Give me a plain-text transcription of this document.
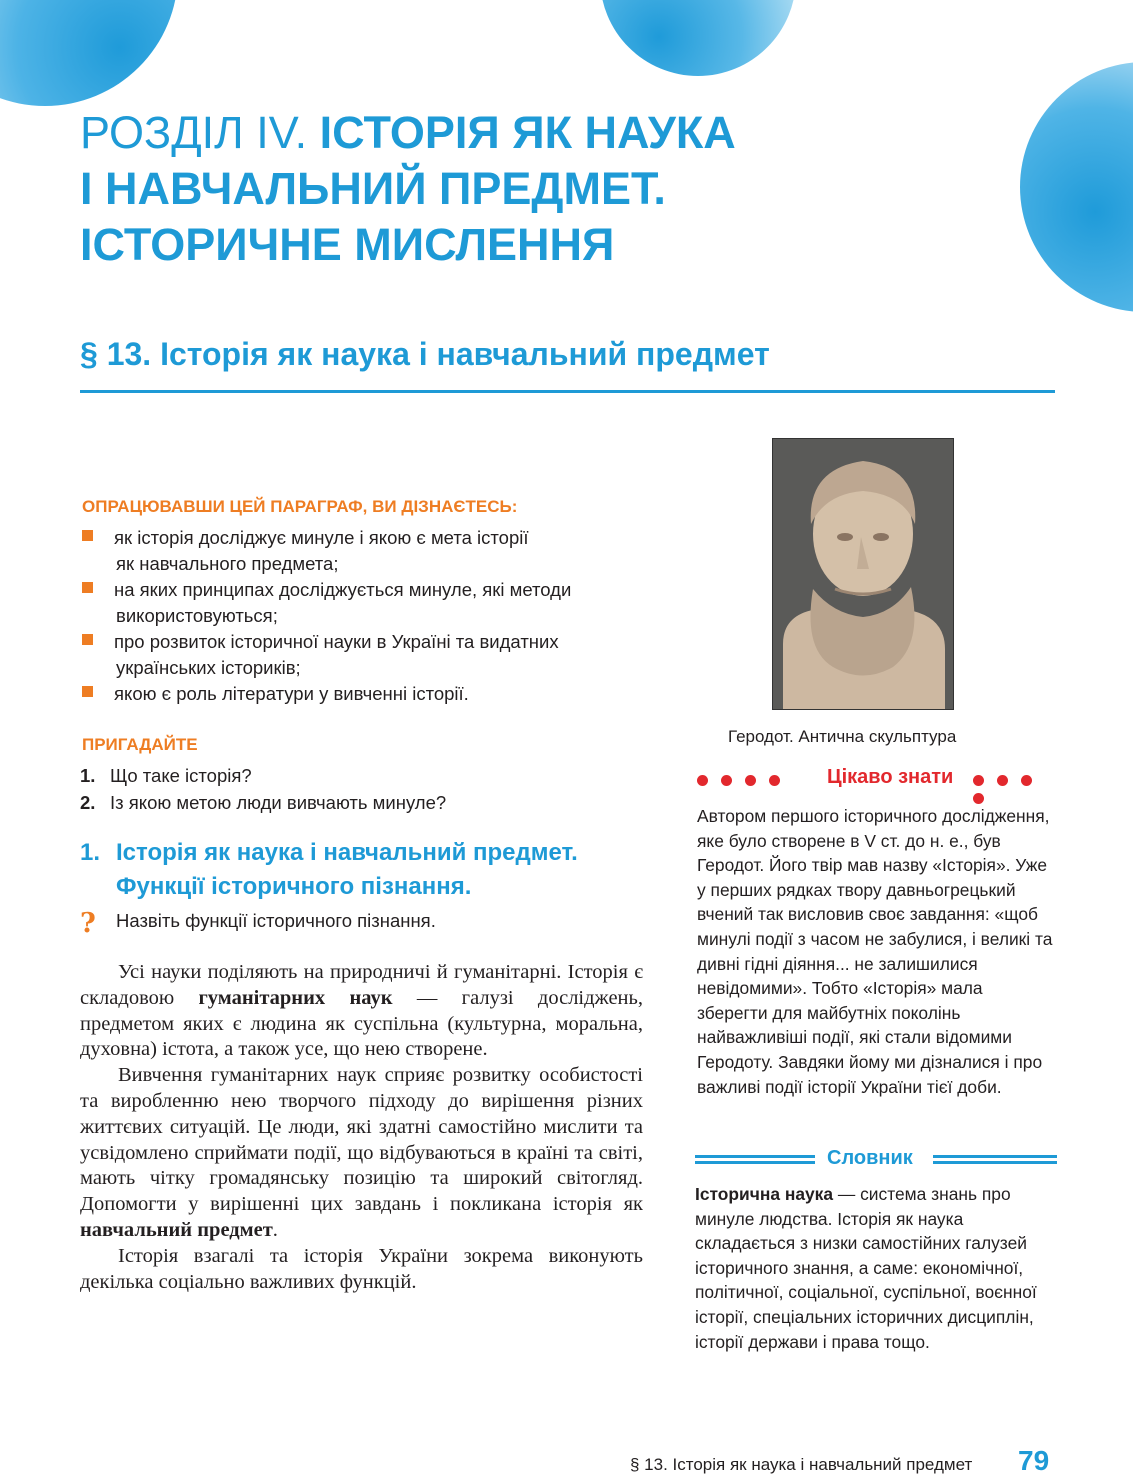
РОЗДІЛ IV. ІСТОРІЯ ЯК НАУКА
І НАВЧАЛЬНИЙ ПРЕДМЕТ.
ІСТОРИЧНЕ МИСЛЕННЯ
§ 13. Історія як наука і навчальний предмет
ОПРАЦЮВАВШИ ЦЕЙ ПАРАГРАФ, ВИ ДІЗНАЄТЕСЬ:
як історія досліджує минуле і якою є мета історії
як навчального предмета;
на яких принципах досліджується минуле, які методи
використовуються;
про розвиток історичної науки в Україні та видатних
українських істориків;
якою є роль літератури у вивченні історії.
ПРИГАДАЙТЕ
1. Що таке історія?
2. Із якою метою люди вивчають минуле?
1. Історія як наука і навчальний предмет.
Функції історичного пізнання.
? Назвіть функції історичного пізнання.

Усі науки поділяють на природничі й гуманітарні. Історія є складовою гуманітарних наук — галузі досліджень, предметом яких є людина як суспільна (культурна, моральна, духовна) істота, а також усе, що нею створене.

Вивчення гуманітарних наук сприяє розвитку особистості та виробленню нею творчого підходу до вирішення різних життєвих ситуацій. Це люди, які здатні самостійно мислити та усвідомлено сприймати події, що відбуваються в країні та світі, мають чітку громадянську позицію та широкий світогляд. Допомогти у вирішенні цих завдань і покликана історія як навчальний предмет.

Історія взагалі та історія України зокрема виконують декілька соціально важливих функцій.

Геродот. Антична скульптура
Цікаво знати
Автором першого історичного дослідження, яке було створене в V ст. до н. е., був Геродот. Його твір мав назву «Історія». Уже у перших рядках твору давньогрецький вчений так висловив своє завдання: «щоб минулі події з часом не забулися, і великі та дивні гідні діяння... не залишилися невідомими». Тобто «Історія» мала зберегти для майбутніх поколінь найважливіші події, які стали відомими Геродоту. Завдяки йому ми дізналися і про важливі події історії України тієї доби.
Словник
Історична наука — система знань про минуле людства. Історія як наука складається з низки самостійних галузей історичного знання, а саме: економічної, політичної, соціальної, суспільної, воєнної історії, спеціальних історичних дисциплін, історії держави і права тощо.
§ 13. Історія як наука і навчальний предмет 79
